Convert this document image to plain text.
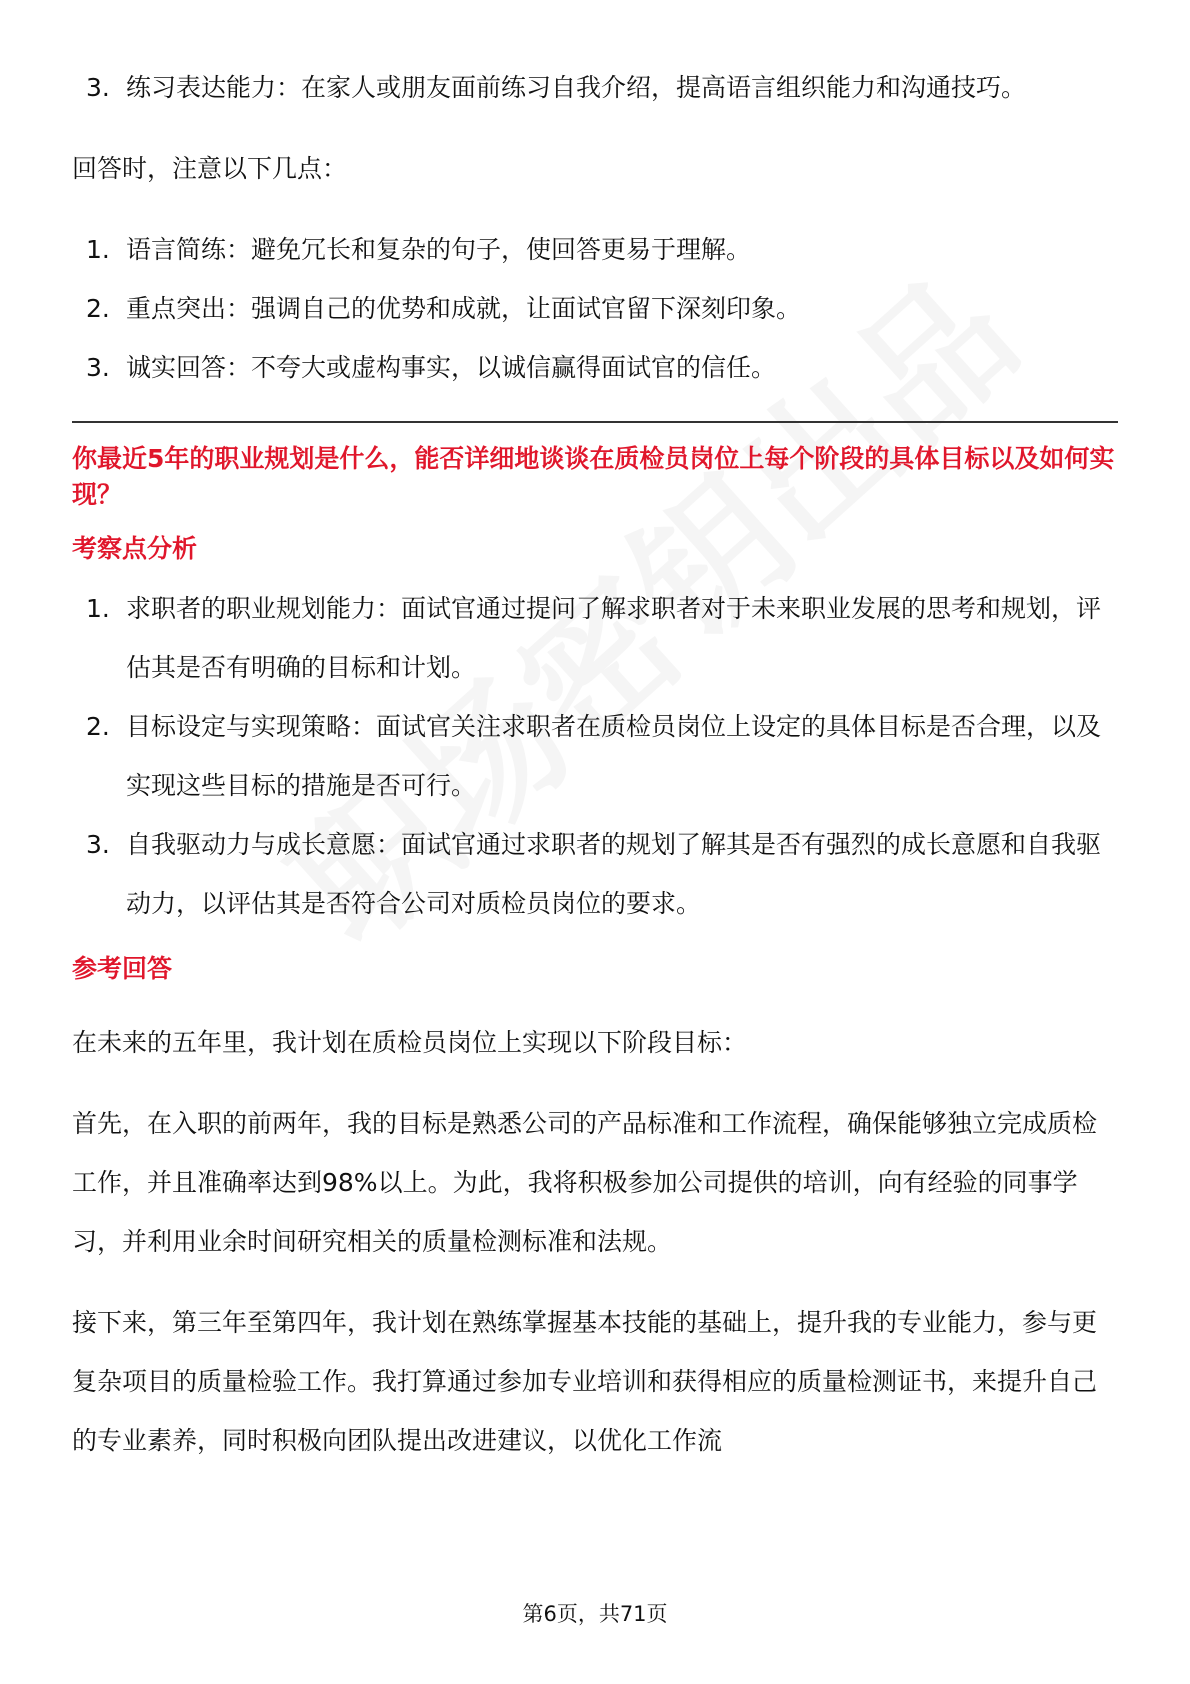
3. 练习表达能力：在家人或朋友面前练习自我介绍，提高语言组织能力和沟通技巧。

回答时，注意以下几点：

1. 语言简练：避免冗长和复杂的句子，使回答更易于理解。
2. 重点突出：强调自己的优势和成就，让面试官留下深刻印象。
3. 诚实回答：不夸大或虚构事实，以诚信赢得面试官的信任。

你最近5年的职业规划是什么，能否详细地谈谈在质检员岗位上每个阶段的具体目标以及如何实现？

考察点分析
1. 求职者的职业规划能力：面试官通过提问了解求职者对于未来职业发展的思考和规划，评估其是否有明确的目标和计划。
2. 目标设定与实现策略：面试官关注求职者在质检员岗位上设定的具体目标是否合理，以及实现这些目标的措施是否可行。
3. 自我驱动力与成长意愿：面试官通过求职者的规划了解其是否有强烈的成长意愿和自我驱动力，以评估其是否符合公司对质检员岗位的要求。
参考回答

在未来的五年里，我计划在质检员岗位上实现以下阶段目标：

首先，在入职的前两年，我的目标是熟悉公司的产品标准和工作流程，确保能够独立完成质检工作，并且准确率达到98%以上。为此，我将积极参加公司提供的培训，向有经验的同事学习，并利用业余时间研究相关的质量检测标准和法规。

接下来，第三年至第四年，我计划在熟练掌握基本技能的基础上，提升我的专业能力，参与更复杂项目的质量检验工作。我打算通过参加专业培训和获得相应的质量检测证书，来提升自己的专业素养，同时积极向团队提出改进建议，以优化工作流

第6页，共71页
